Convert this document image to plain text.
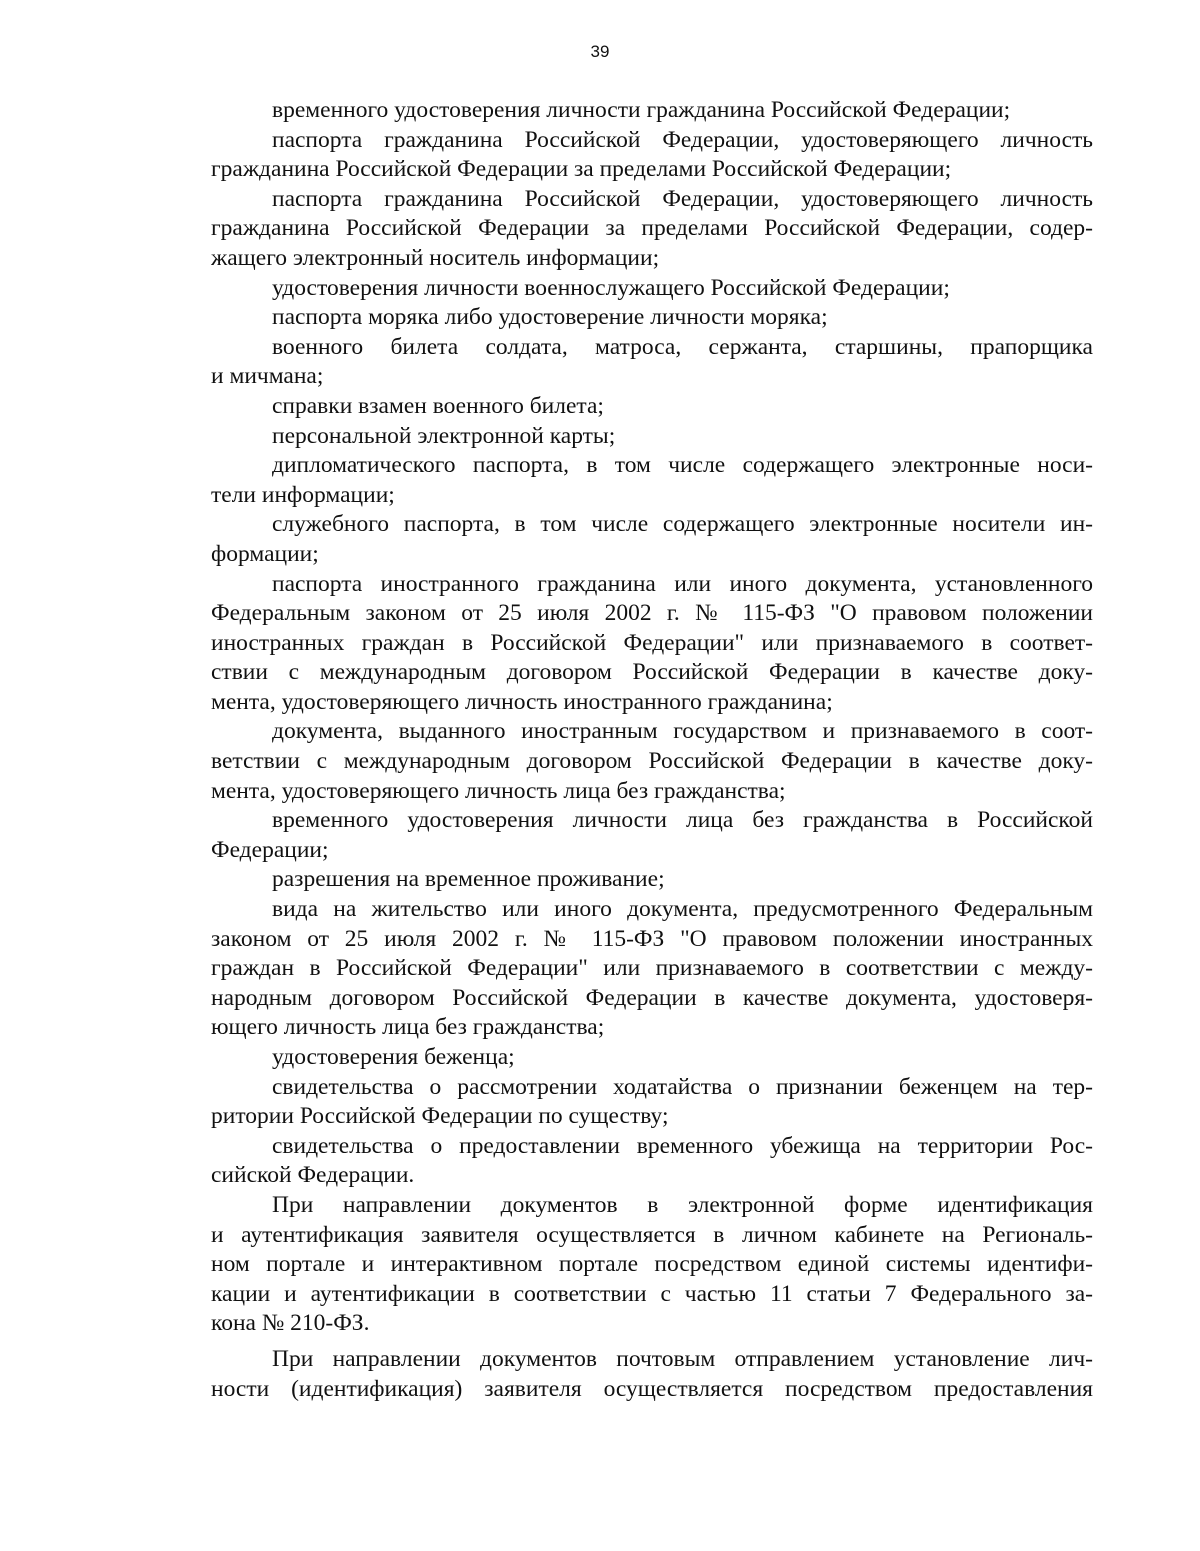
39
временного удостоверения личности гражданина Российской Федерации;
паспорта гражданина Российской Федерации, удостоверяющего личность
гражданина Российской Федерации за пределами Российской Федерации;
паспорта гражданина Российской Федерации, удостоверяющего личность
гражданина Российской Федерации за пределами Российской Федерации, содер-
жащего электронный носитель информации;
удостоверения личности военнослужащего Российской Федерации;
паспорта моряка либо удостоверение личности моряка;
военного билета солдата, матроса, сержанта, старшины, прапорщика
и мичмана;
справки взамен военного билета;
персональной электронной карты;
дипломатического паспорта, в том числе содержащего электронные носи-
тели информации;
служебного паспорта, в том числе содержащего электронные носители ин-
формации;
паспорта иностранного гражданина или иного документа, установленного
Федеральным законом от 25 июля 2002 г. № 115-ФЗ "О правовом положении
иностранных граждан в Российской Федерации" или признаваемого в соответ-
ствии с международным договором Российской Федерации в качестве доку-
мента, удостоверяющего личность иностранного гражданина;
документа, выданного иностранным государством и признаваемого в соот-
ветствии с международным договором Российской Федерации в качестве доку-
мента, удостоверяющего личность лица без гражданства;
временного удостоверения личности лица без гражданства в Российской
Федерации;
разрешения на временное проживание;
вида на жительство или иного документа, предусмотренного Федеральным
законом от 25 июля 2002 г. № 115-ФЗ "О правовом положении иностранных
граждан в Российской Федерации" или признаваемого в соответствии с между-
народным договором Российской Федерации в качестве документа, удостоверя-
ющего личность лица без гражданства;
удостоверения беженца;
свидетельства о рассмотрении ходатайства о признании беженцем на тер-
ритории Российской Федерации по существу;
свидетельства о предоставлении временного убежища на территории Рос-
сийской Федерации.
При направлении документов в электронной форме идентификация
и аутентификация заявителя осуществляется в личном кабинете на Региональ-
ном портале и интерактивном портале посредством единой системы идентифи-
кации и аутентификации в соответствии с частью 11 статьи 7 Федерального за-
кона № 210-ФЗ.
При направлении документов почтовым отправлением установление лич-
ности (идентификация) заявителя осуществляется посредством предоставления
